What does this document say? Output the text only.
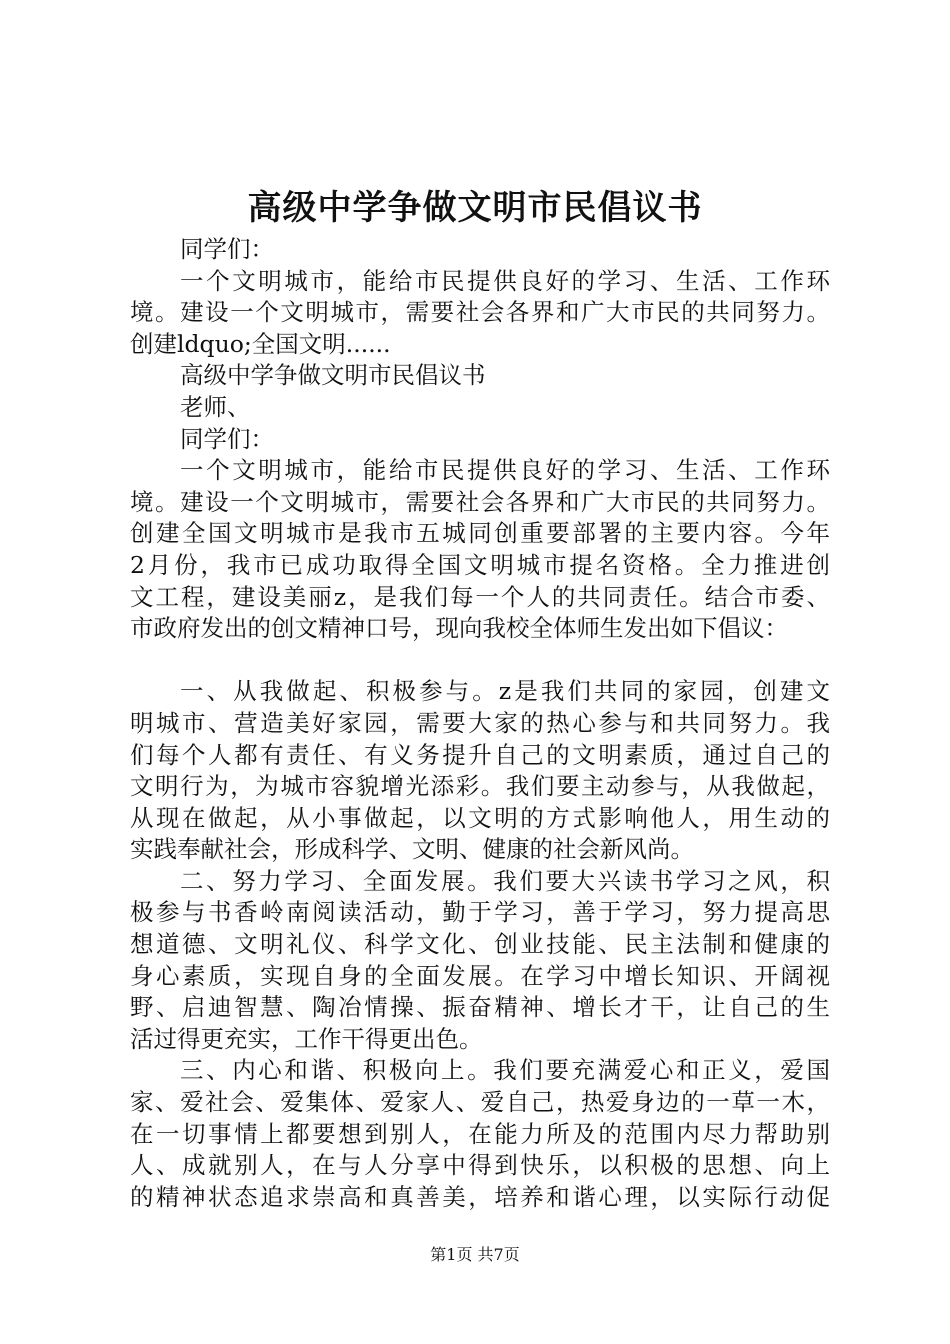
高级中学争做文明市民倡议书
同学们：
一个文明城市，能给市民提供良好的学习、生活、工作环
境。建设一个文明城市，需要社会各界和广大市民的共同努力。
创建ldquo;全国文明......
高级中学争做文明市民倡议书
老师、
同学们：
一个文明城市，能给市民提供良好的学习、生活、工作环
境。建设一个文明城市，需要社会各界和广大市民的共同努力。
创建全国文明城市是我市五城同创重要部署的主要内容。今年
2月份，我市已成功取得全国文明城市提名资格。全力推进创
文工程，建设美丽z，是我们每一个人的共同责任。结合市委、
市政府发出的创文精神口号，现向我校全体师生发出如下倡议：
一、从我做起、积极参与。z是我们共同的家园，创建文
明城市、营造美好家园，需要大家的热心参与和共同努力。我
们每个人都有责任、有义务提升自己的文明素质，通过自己的
文明行为，为城市容貌增光添彩。我们要主动参与，从我做起，
从现在做起，从小事做起，以文明的方式影响他人，用生动的
实践奉献社会，形成科学、文明、健康的社会新风尚。
二、努力学习、全面发展。我们要大兴读书学习之风，积
极参与书香岭南阅读活动，勤于学习，善于学习，努力提高思
想道德、文明礼仪、科学文化、创业技能、民主法制和健康的
身心素质，实现自身的全面发展。在学习中增长知识、开阔视
野、启迪智慧、陶冶情操、振奋精神、增长才干，让自己的生
活过得更充实，工作干得更出色。
三、内心和谐、积极向上。我们要充满爱心和正义，爱国
家、爱社会、爱集体、爱家人、爱自己，热爱身边的一草一木，
在一切事情上都要想到别人，在能力所及的范围内尽力帮助别
人、成就别人，在与人分享中得到快乐，以积极的思想、向上
的精神状态追求崇高和真善美，培养和谐心理，以实际行动促
第1页 共7页
